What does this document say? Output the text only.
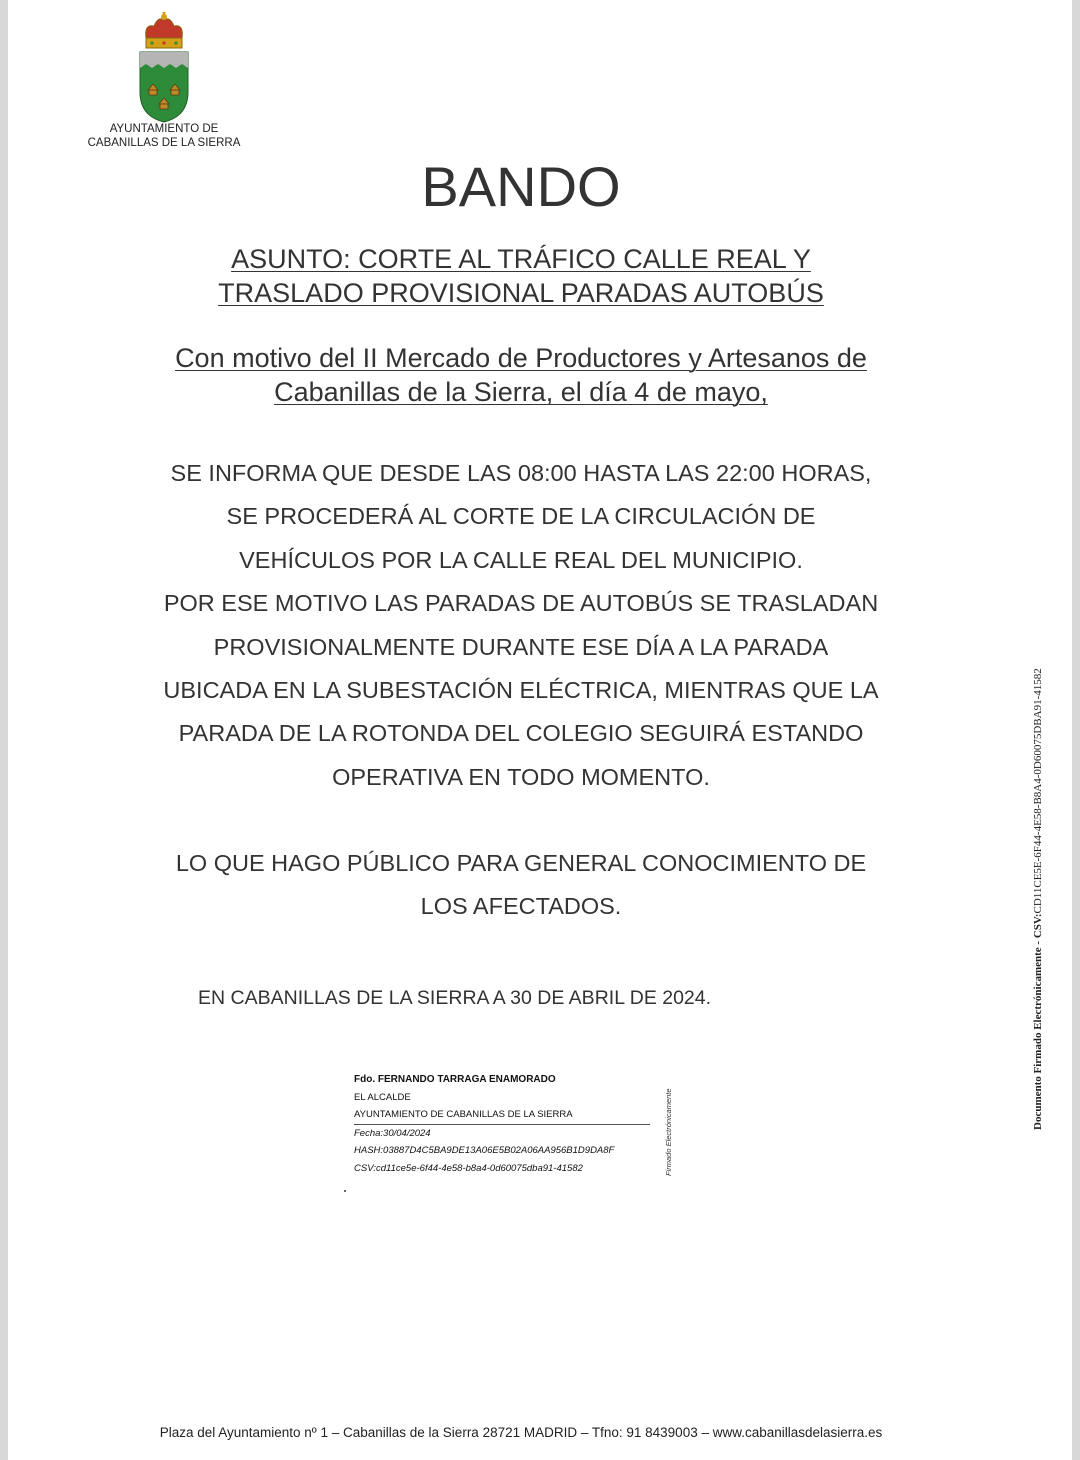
AYUNTAMIENTO DE
CABANILLAS DE LA SIERRA
BANDO
ASUNTO: CORTE AL TRÁFICO CALLE REAL Y
TRASLADO PROVISIONAL PARADAS AUTOBÚS
Con motivo del II Mercado de Productores y Artesanos de
Cabanillas de la Sierra, el día 4 de mayo,
SE INFORMA QUE DESDE LAS 08:00 HASTA LAS 22:00 HORAS,
SE PROCEDERÁ AL CORTE DE LA CIRCULACIÓN DE
VEHÍCULOS POR LA CALLE REAL DEL MUNICIPIO.
POR ESE MOTIVO LAS PARADAS DE AUTOBÚS SE TRASLADAN
PROVISIONALMENTE DURANTE ESE DÍA A LA PARADA
UBICADA EN LA SUBESTACIÓN ELÉCTRICA, MIENTRAS QUE LA
PARADA DE LA ROTONDA DEL COLEGIO SEGUIRÁ ESTANDO
OPERATIVA EN TODO MOMENTO.
LO QUE HAGO PÚBLICO PARA GENERAL CONOCIMIENTO DE
LOS AFECTADOS.
EN CABANILLAS DE LA SIERRA A 30 DE ABRIL DE 2024.
Fdo. FERNANDO TARRAGA ENAMORADO
EL ALCALDE
AYUNTAMIENTO DE CABANILLAS DE LA SIERRA
Fecha:30/04/2024
HASH:03887D4C5BA9DE13A06E5B02A06AA956B1D9DA8F
CSV:cd11ce5e-6f44-4e58-b8a4-0d60075dba91-41582	Firmado Electrónicamente
Documento Firmado Electrónicamente - CSV:CD11CE5E-6F44-4E58-B8A4-0D60075DBA91-41582
Plaza del Ayuntamiento nº 1 – Cabanillas de la Sierra 28721 MADRID – Tfno: 91 8439003 – www.cabanillasdelasierra.es
